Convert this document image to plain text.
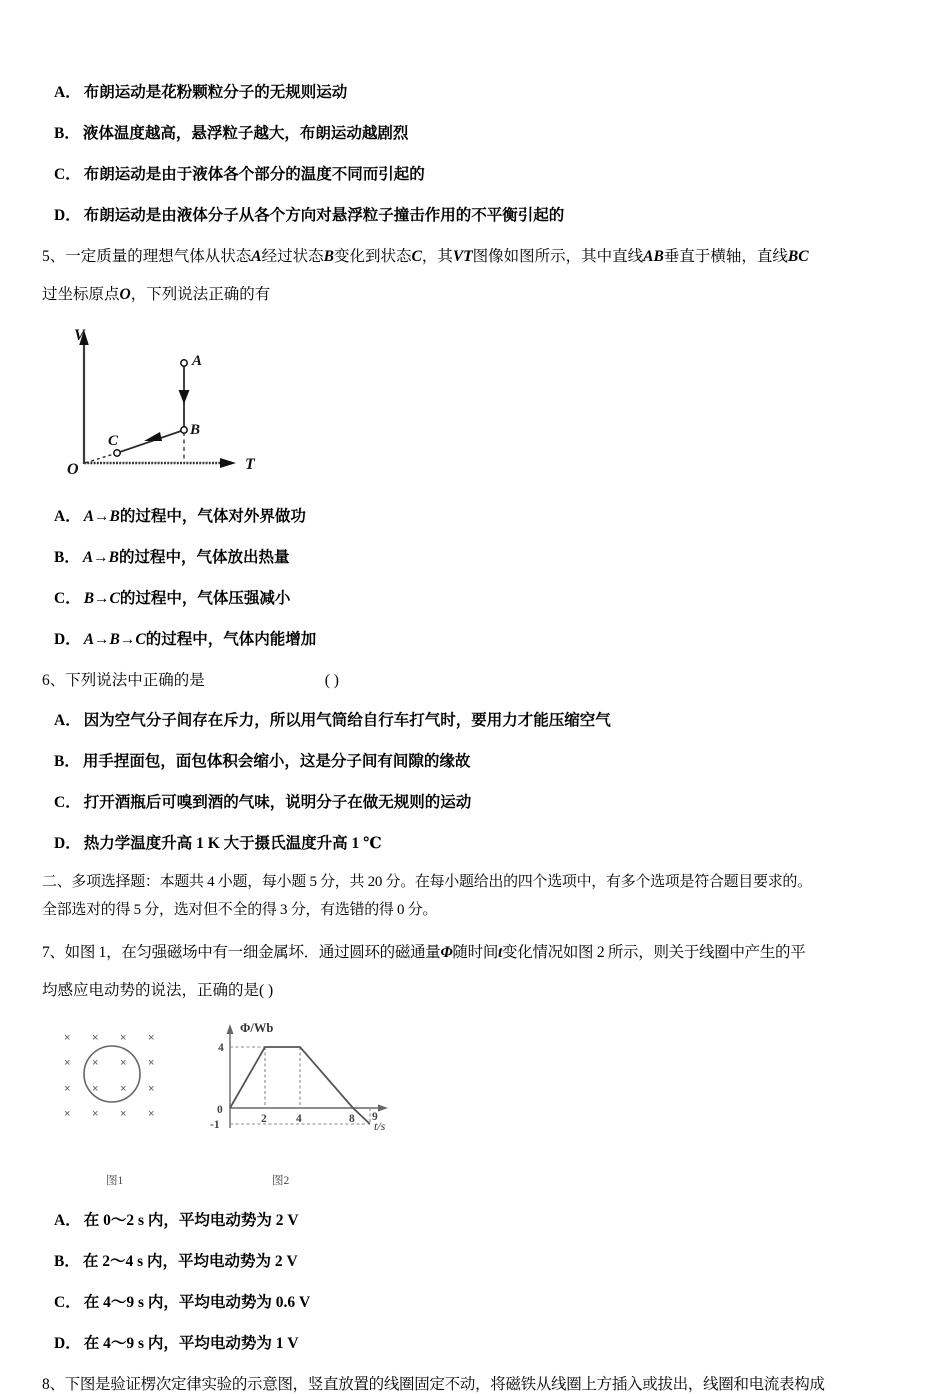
A． 布朗运动是花粉颗粒分子的无规则运动
B． 液体温度越高，悬浮粒子越大，布朗运动越剧烈
C． 布朗运动是由于液体各个部分的温度不同而引起的
D． 布朗运动是由液体分子从各个方向对悬浮粒子撞击作用的不平衡引起的
5、一定质量的理想气体从状态A经过状态B变化到状态C，其VT图像如图所示，其中直线AB垂直于横轴，直线BC
过坐标原点O，下列说法正确的有
V
T
O
A
B
C
A． A→B的过程中，气体对外界做功
B． A→B的过程中，气体放出热量
C． B→C的过程中，气体压强减小
D． A→B→C的过程中，气体内能增加
6、下列说法中正确的是	( )
A． 因为空气分子间存在斥力，所以用气筒给自行车打气时，要用力才能压缩空气
B． 用手捏面包，面包体积会缩小，这是分子间有间隙的缘故
C． 打开酒瓶后可嗅到酒的气味，说明分子在做无规则的运动
D． 热力学温度升高 1 K 大于摄氏温度升高 1 ℃
二、多项选择题：本题共 4 小题，每小题 5 分，共 20 分。在每小题给出的四个选项中，有多个选项是符合题目要求的。
全部选对的得 5 分，选对但不全的得 3 分，有选错的得 0 分。
7、如图 1，在匀强磁场中有一细金属坏．通过圆环的磁通量Φ随时间t变化情况如图 2 所示，则关于线圈中产生的平
均感应电动势的说法，正确的是( )
× × × ×
× × × ×
× × × ×
× × × ×
4
0
-1	2	4	8 9
Φ/Wb
t/s
图1	图2
A． 在 0～2 s 内，平均电动势为 2 V
B． 在 2～4 s 内，平均电动势为 2 V
C． 在 4～9 s 内，平均电动势为 0.6 V
D． 在 4～9 s 内，平均电动势为 1 V
8、下图是验证楞次定律实验的示意图，竖直放置的线圈固定不动，将磁铁从线圈上方插入或拔出，线圈和电流表构成
